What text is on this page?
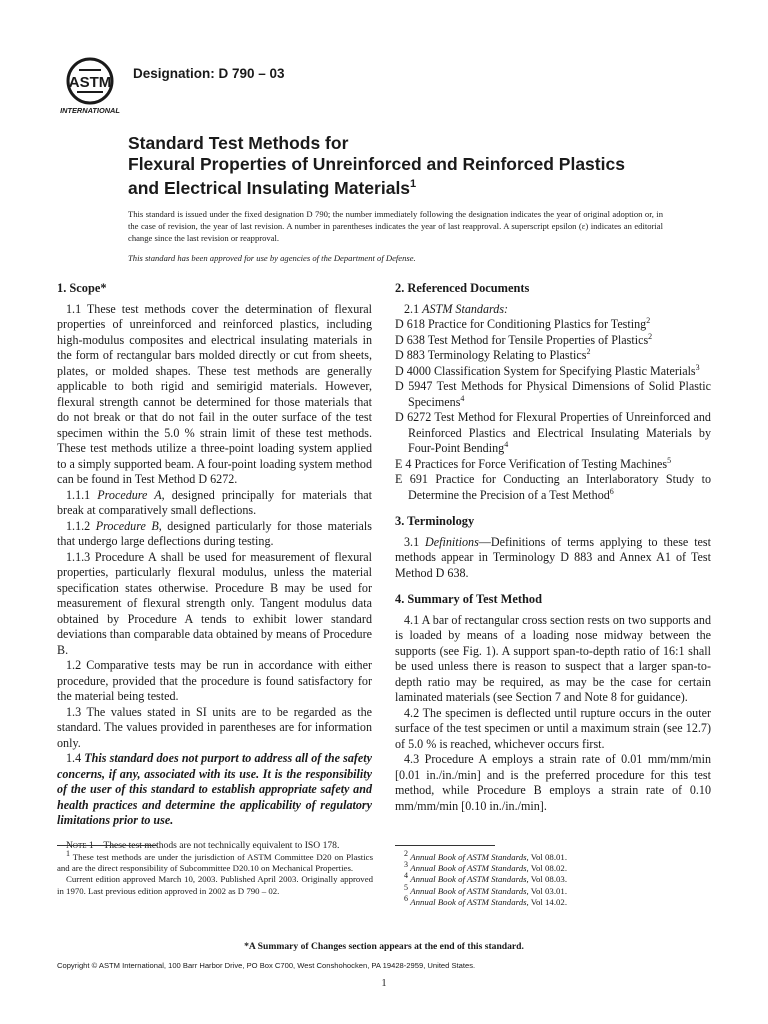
ASTM
INTERNATIONAL
Designation: D 790 – 03
Standard Test Methods for
Flexural Properties of Unreinforced and Reinforced Plastics
and Electrical Insulating Materials$^1$
This standard is issued under the fixed designation D 790; the number immediately following the designation indicates the year of original adoption or, in the case of revision, the year of last revision. A number in parentheses indicates the year of last reapproval. A superscript epsilon (ε) indicates an editorial change since the last revision or reapproval.
This standard has been approved for use by agencies of the Department of Defense.
1. Scope*

1.1 These test methods cover the determination of flexural properties of unreinforced and reinforced plastics, including high-modulus composites and electrical insulating materials in the form of rectangular bars molded directly or cut from sheets, plates, or molded shapes. These test methods are generally applicable to both rigid and semirigid materials. However, flexural strength cannot be determined for those materials that do not break or that do not fail in the outer surface of the test specimen within the 5.0 % strain limit of these test methods. These test methods utilize a three-point loading system applied to a simply supported beam. A four-point loading system method can be found in Test Method D 6272.

1.1.1 Procedure A, designed principally for materials that break at comparatively small deflections.

1.1.2 Procedure B, designed particularly for those materials that undergo large deflections during testing.

1.1.3 Procedure A shall be used for measurement of flexural properties, particularly flexural modulus, unless the material specification states otherwise. Procedure B may be used for measurement of flexural strength only. Tangent modulus data obtained by Procedure A tends to exhibit lower standard deviations than comparable data obtained by means of Procedure B.

1.2 Comparative tests may be run in accordance with either procedure, provided that the procedure is found satisfactory for the material being tested.

1.3 The values stated in SI units are to be regarded as the standard. The values provided in parentheses are for information only.

1.4 This standard does not purport to address all of the safety concerns, if any, associated with its use. It is the responsibility of the user of this standard to establish appropriate safety and health practices and determine the applicability of regulatory limitations prior to use.

Note 1—These test methods are not technically equivalent to ISO 178.
2. Referenced Documents
2.1 ASTM Standards:
D 618 Practice for Conditioning Plastics for Testing$^2$
D 638 Test Method for Tensile Properties of Plastics$^2$
D 883 Terminology Relating to Plastics$^2$
D 4000 Classification System for Specifying Plastic Materials$^3$
D 5947 Test Methods for Physical Dimensions of Solid Plastic Specimens$^4$
D 6272 Test Method for Flexural Properties of Unreinforced and Reinforced Plastics and Electrical Insulating Materials by Four-Point Bending$^4$
E 4 Practices for Force Verification of Testing Machines$^5$
E 691 Practice for Conducting an Interlaboratory Study to Determine the Precision of a Test Method$^6$
3. Terminology

3.1 Definitions—Definitions of terms applying to these test methods appear in Terminology D 883 and Annex A1 of Test Method D 638.

4. Summary of Test Method

4.1 A bar of rectangular cross section rests on two supports and is loaded by means of a loading nose midway between the supports (see Fig. 1). A support span-to-depth ratio of 16:1 shall be used unless there is reason to suspect that a larger span-to-depth ratio may be required, as may be the case for certain laminated materials (see Section 7 and Note 8 for guidance).

4.2 The specimen is deflected until rupture occurs in the outer surface of the test specimen or until a maximum strain (see 12.7) of 5.0 % is reached, whichever occurs first.

4.3 Procedure A employs a strain rate of 0.01 mm/mm/min [0.01 in./in./min] and is the preferred procedure for this test method, while Procedure B employs a strain rate of 0.10 mm/mm/min [0.10 in./in./min].

$^1$ These test methods are under the jurisdiction of ASTM Committee D20 on Plastics and are the direct responsibility of Subcommittee D20.10 on Mechanical Properties.

Current edition approved March 10, 2003. Published April 2003. Originally approved in 1970. Last previous edition approved in 2002 as D 790 – 02.

$^2$ Annual Book of ASTM Standards, Vol 08.01.

$^3$ Annual Book of ASTM Standards, Vol 08.02.

$^4$ Annual Book of ASTM Standards, Vol 08.03.

$^5$ Annual Book of ASTM Standards, Vol 03.01.

$^6$ Annual Book of ASTM Standards, Vol 14.02.

*A Summary of Changes section appears at the end of this standard.
Copyright © ASTM International, 100 Barr Harbor Drive, PO Box C700, West Conshohocken, PA 19428-2959, United States.
1
